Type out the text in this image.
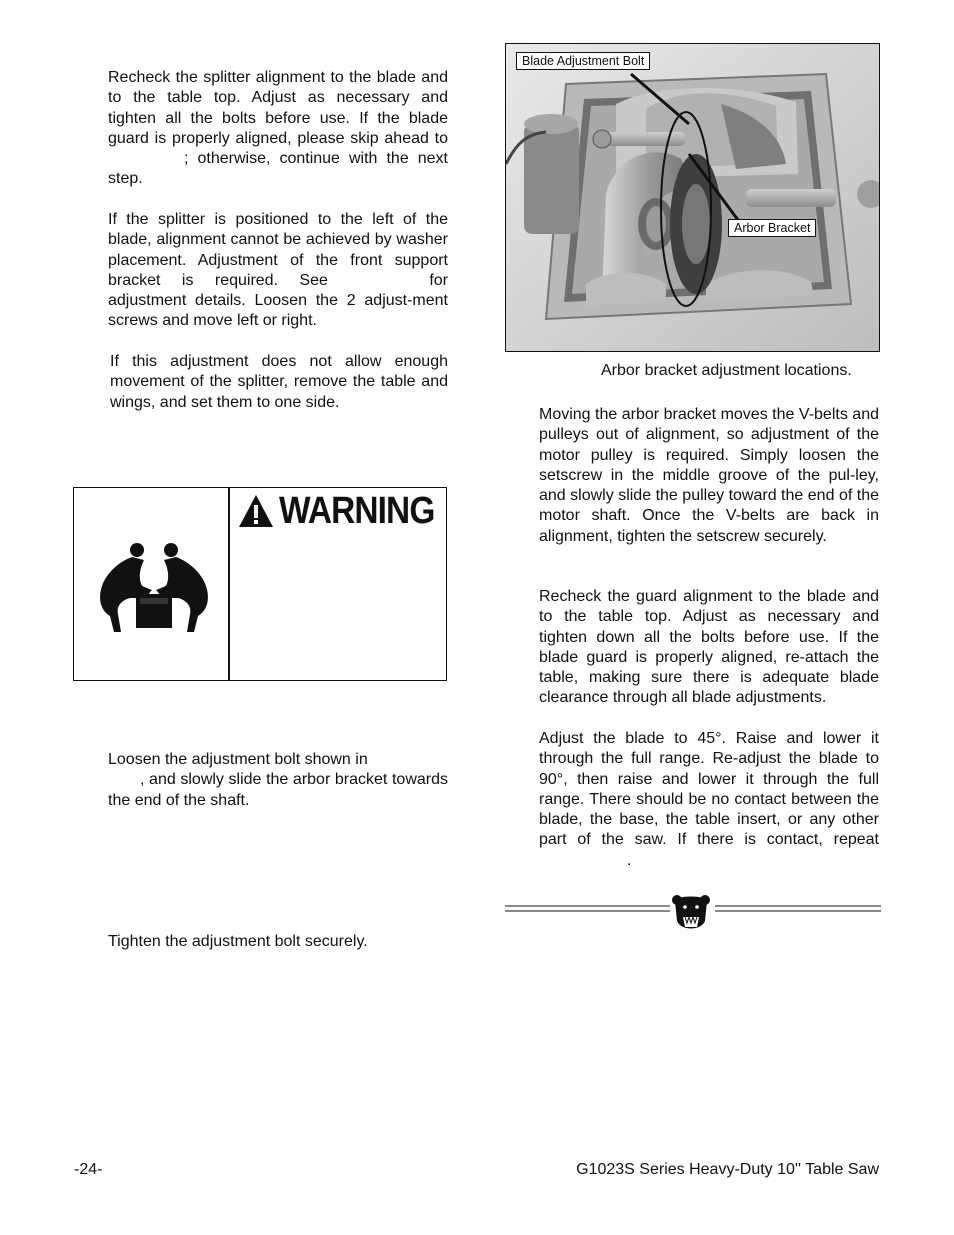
Recheck the splitter alignment to the blade and to the table top. Adjust as necessary and tighten all the bolts before use. If the blade guard is properly aligned, please skip ahead to; otherwise, continue with the next step.

If the splitter is positioned to the left of the blade, alignment cannot be achieved by washer placement. Adjustment of the front support bracket is required. See	for adjustment details. Loosen the 2 adjust-ment screws and move left or right.

If this adjustment does not allow enough movement of the splitter, remove the table and wings, and set them to one side.

WARNING

Loosen the adjustment bolt shown in
, and slowly slide the arbor bracket towards the end of the shaft.

Tighten the adjustment bolt securely.

Blade Adjustment Bolt
Arbor Bracket
Arbor bracket adjustment locations.

Moving the arbor bracket moves the V-belts and pulleys out of alignment, so adjustment of the motor pulley is required. Simply loosen the setscrew in the middle groove of the pul-ley, and slowly slide the pulley toward the end of the motor shaft. Once the V-belts are back in alignment, tighten the setscrew securely.

Recheck the guard alignment to the blade and to the table top. Adjust as necessary and tighten down all the bolts before use. If the blade guard is properly aligned, re-attach the table, making sure there is adequate blade clearance through all blade adjustments.

Adjust the blade to 45°. Raise and lower it through the full range. Re-adjust the blade to 90°, then raise and lower it through the full range. There should be no contact between the blade, the base, the table insert, or any other part of the saw. If there is contact, repeat.

-24-	G1023S Series Heavy-Duty 10'' Table Saw
